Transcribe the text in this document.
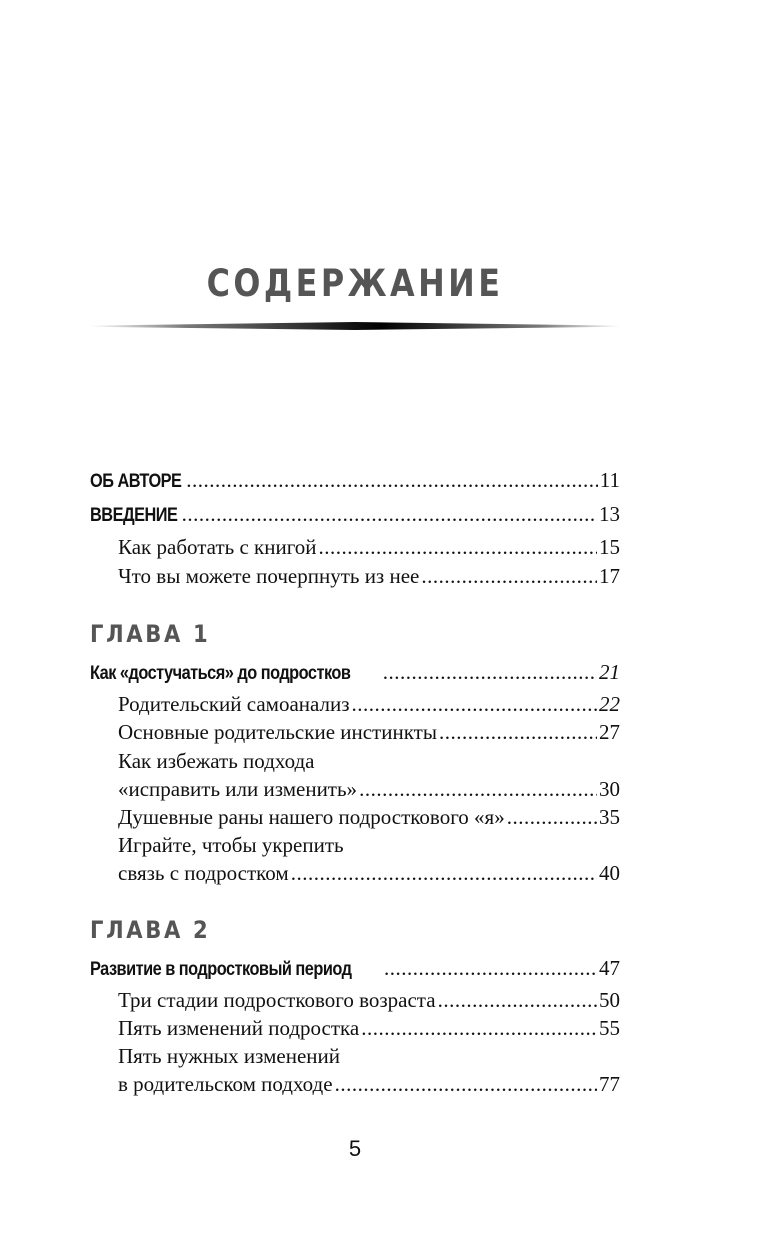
СОДЕРЖАНИЕ
ОБ АВТОРЕ .....	11
ВВЕДЕНИЕ .....	13
Как работать с книгой .....	15
Что вы можете почерпнуть из нее .....	17
ГЛАВА 1
Как «достучаться» до подростков .....	21
Родительский самоанализ .....	22
Основные родительские инстинкты .....	27
Как избежать подхода
«исправить или изменить» .....	30
Душевные раны нашего подросткового «я» .....	35
Играйте, чтобы укрепить
связь с подростком .....	40
ГЛАВА 2
Развитие в подростковый период .....	47
Три стадии подросткового возраста .....	50
Пять изменений подростка .....	55
Пять нужных изменений
в родительском подходе .....	77
5
